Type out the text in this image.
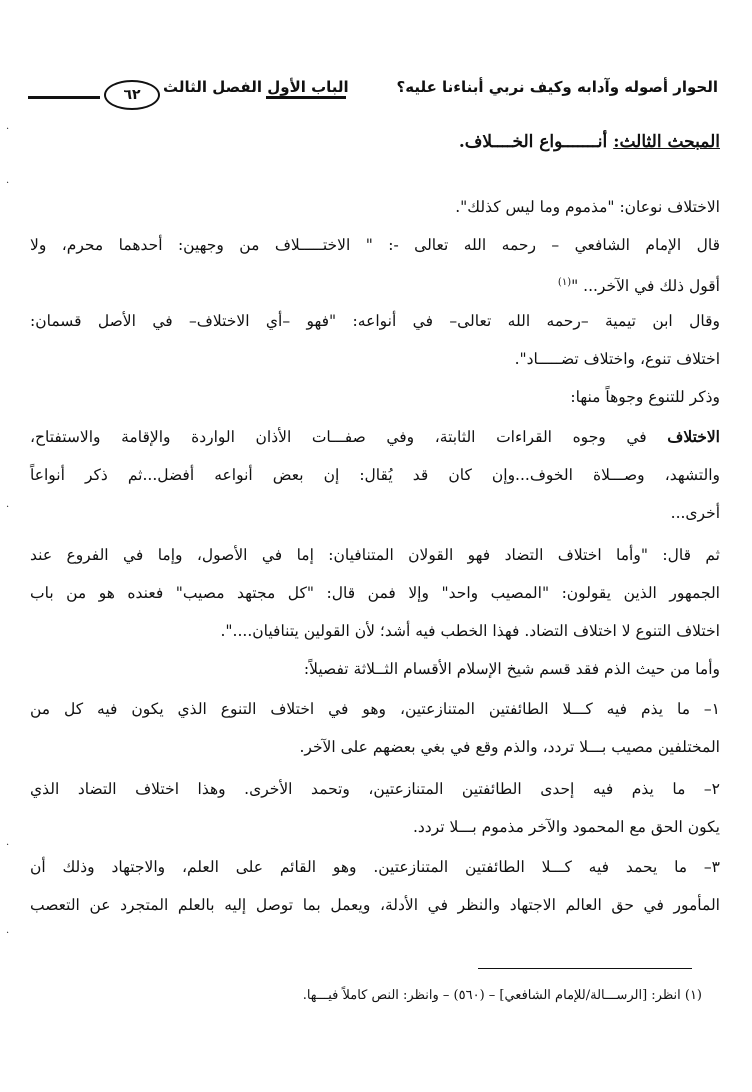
الحوار أصوله وآدابه وكيف نربي أبناءنا عليه؟
الباب الأول الفصل الثالث
٦٢
المبحث الثالث: أنـــــــواع الخــــلاف.
الاختلاف نوعان: "مذموم وما ليس كذلك".
قال الإمام الشافعي – رحمه الله تعالى -: " الاختـــــلاف من وجهين: أحدهما محرم، ولا
أقول ذلك في الآخر... "$^{(١)}$
وقال ابن تيمية –رحمه الله تعالى– في أنواعه: "فهو –أي الاختلاف– في الأصل قسمان:
اختلاف تنوع، واختلاف تضـــــاد".
وذكر للتنوع وجوهاً منها:
الاختلاف في وجوه القراءات الثابتة، وفي صفـــات الأذان الواردة والإقامة والاستفتاح،
والتشهد، وصـــلاة الخوف...وإن كان قد يُقال: إن بعض أنواعه أفضل...ثم ذكر أنواعاً
أخرى...
ثم قال: "وأما اختلاف التضاد فهو القولان المتنافيان: إما في الأصول، وإما في الفروع عند
الجمهور الذين يقولون: "المصيب واحد" وإلا فمن قال: "كل مجتهد مصيب" فعنده هو من باب
اختلاف التنوع لا اختلاف التضاد. فهذا الخطب فيه أشد؛ لأن القولين يتنافيان....".
وأما من حيث الذم فقد قسم شيخ الإسلام الأقسام الثــلاثة تفصيلاً:
١– ما يذم فيه كـــلا الطائفتين المتنازعتين، وهو في اختلاف التنوع الذي يكون فيه كل من
المختلفين مصيب بـــلا تردد، والذم وقع في بغي بعضهم على الآخر.
٢– ما يذم فيه إحدى الطائفتين المتنازعتين، وتحمد الأخرى. وهذا اختلاف التضاد الذي
يكون الحق مع المحمود والآخر مذموم بـــلا تردد.
٣– ما يحمد فيه كـــلا الطائفتين المتنازعتين. وهو القائم على العلم، والاجتهاد وذلك أن
المأمور في حق العالم الاجتهاد والنظر في الأدلة، ويعمل بما توصل إليه بالعلم المتجرد عن التعصب
(١) انظر: [الرســـالة/للإمام الشافعي] – (٥٦٠) – وانظر: النص كاملاً فيـــها.
·
·
·
·
·
